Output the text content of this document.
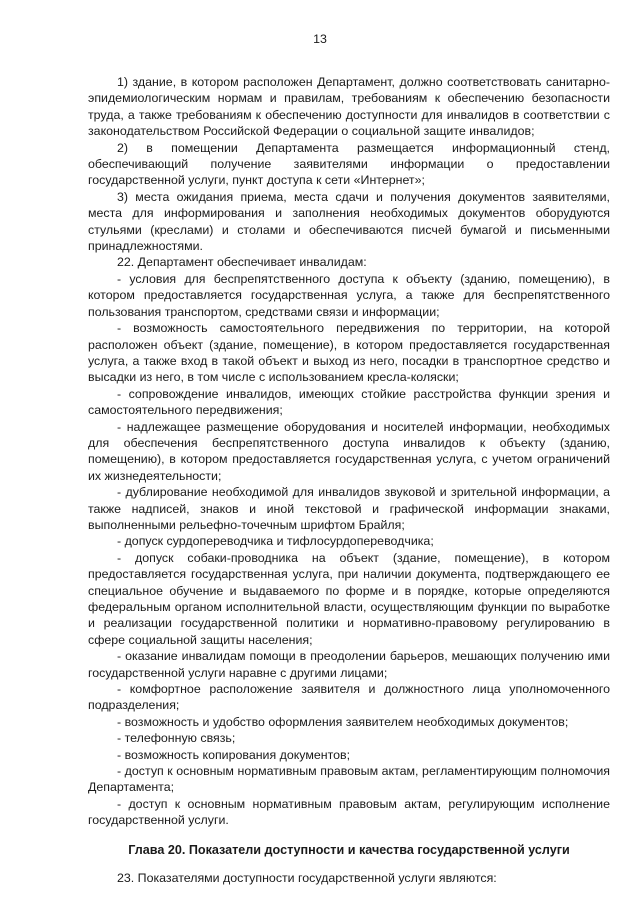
13

1) здание, в котором расположен Департамент, должно соответствовать санитарно-эпидемиологическим нормам и правилам, требованиям к обеспечению безопасности труда, а также требованиям к обеспечению доступности для инвалидов в соответствии с законодательством Российской Федерации о социальной защите инвалидов;

2) в помещении Департамента размещается информационный стенд, обеспечивающий получение заявителями информации о предоставлении государственной услуги, пункт доступа к сети «Интернет»;

3) места ожидания приема, места сдачи и получения документов заявителями, места для информирования и заполнения необходимых документов оборудуются стульями (креслами) и столами и обеспечиваются писчей бумагой и письменными принадлежностями.

22. Департамент обеспечивает инвалидам:

- условия для беспрепятственного доступа к объекту (зданию, помещению), в котором предоставляется государственная услуга, а также для беспрепятственного пользования транспортом, средствами связи и информации;

- возможность самостоятельного передвижения по территории, на которой расположен объект (здание, помещение), в котором предоставляется государственная услуга, а также вход в такой объект и выход из него, посадки в транспортное средство и высадки из него, в том числе с использованием кресла-коляски;

- сопровождение инвалидов, имеющих стойкие расстройства функции зрения и самостоятельного передвижения;

- надлежащее размещение оборудования и носителей информации, необходимых для обеспечения беспрепятственного доступа инвалидов к объекту (зданию, помещению), в котором предоставляется государственная услуга, с учетом ограничений их жизнедеятельности;

- дублирование необходимой для инвалидов звуковой и зрительной информации, а также надписей, знаков и иной текстовой и графической информации знаками, выполненными рельефно-точечным шрифтом Брайля;

- допуск сурдопереводчика и тифлосурдопереводчика;

- допуск собаки-проводника на объект (здание, помещение), в котором предоставляется государственная услуга, при наличии документа, подтверждающего ее специальное обучение и выдаваемого по форме и в порядке, которые определяются федеральным органом исполнительной власти, осуществляющим функции по выработке и реализации государственной политики и нормативно-правовому регулированию в сфере социальной защиты населения;

- оказание инвалидам помощи в преодолении барьеров, мешающих получению ими государственной услуги наравне с другими лицами;

- комфортное расположение заявителя и должностного лица уполномоченного подразделения;

- возможность и удобство оформления заявителем необходимых документов;

- телефонную связь;

- возможность копирования документов;

- доступ к основным нормативным правовым актам, регламентирующим полномочия Департамента;

- доступ к основным нормативным правовым актам, регулирующим исполнение государственной услуги.

Глава 20. Показатели доступности и качества государственной услуги

23. Показателями доступности государственной услуги являются:
